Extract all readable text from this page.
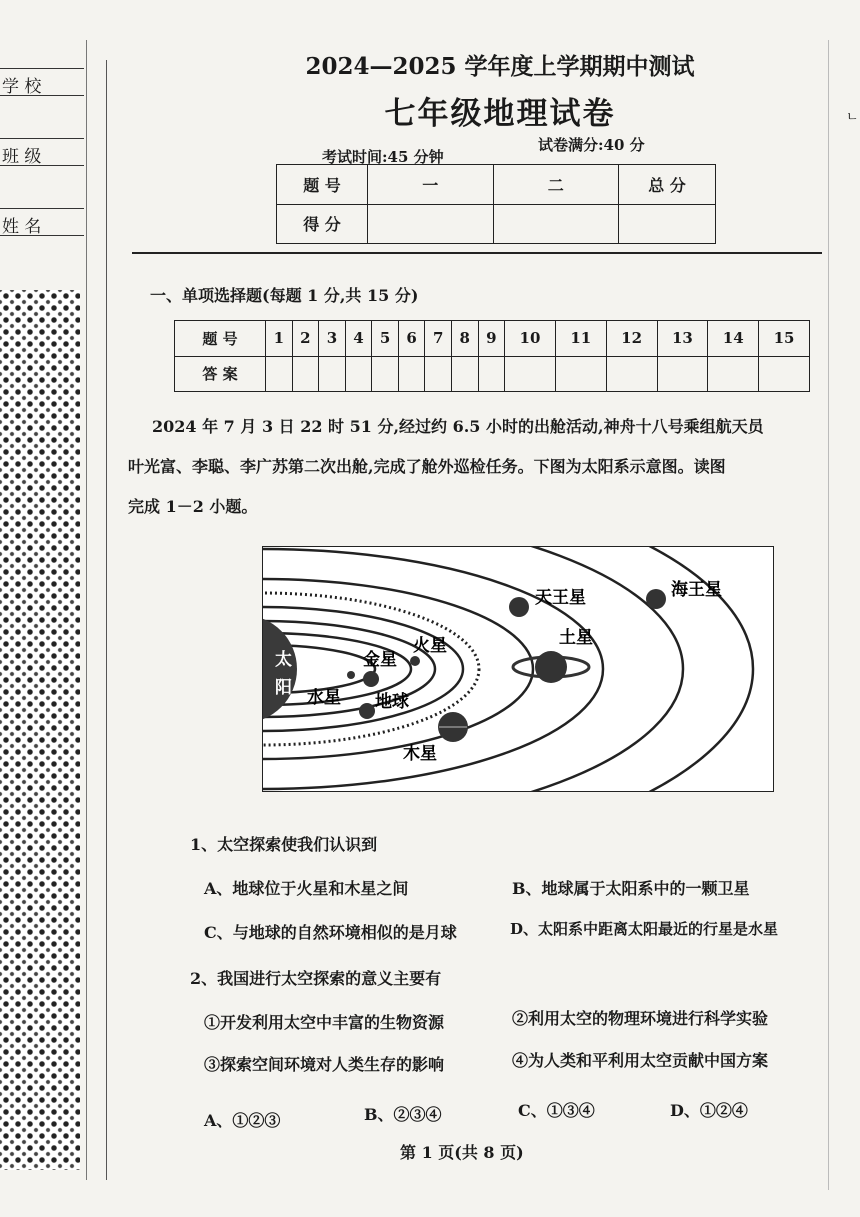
学 校
班 级
姓 名
ㄴ
2024—2025 学年度上学期期中测试
七年级地理试卷
考试时间:45 分钟
试卷满分:40 分
题 号	一	二	总 分
得 分			
一、单项选择题(每题 1 分,共 15 分)
题 号	1	2	3	4	5	6	7	8	9	10	11	12	13	14	15
答 案															
2024 年 7 月 3 日 22 时 51 分,经过约 6.5 小时的出舱活动,神舟十八号乘组航天员
叶光富、李聪、李广苏第二次出舱,完成了舱外巡检任务。下图为太阳系示意图。读图
完成 1－2 小题。
太
阳 水星
金星
地球
火星
木星
土星
天王星	海王星
1、太空探索使我们认识到
A、地球位于火星和木星之间	B、地球属于太阳系中的一颗卫星
C、与地球的自然环境相似的是月球	D、太阳系中距离太阳最近的行星是水星
2、我国进行太空探索的意义主要有
①开发利用太空中丰富的生物资源	②利用太空的物理环境进行科学实验
③探索空间环境对人类生存的影响	④为人类和平利用太空贡献中国方案
A、①②③	B、②③④	C、①③④	D、①②④
第 1 页(共 8 页)
